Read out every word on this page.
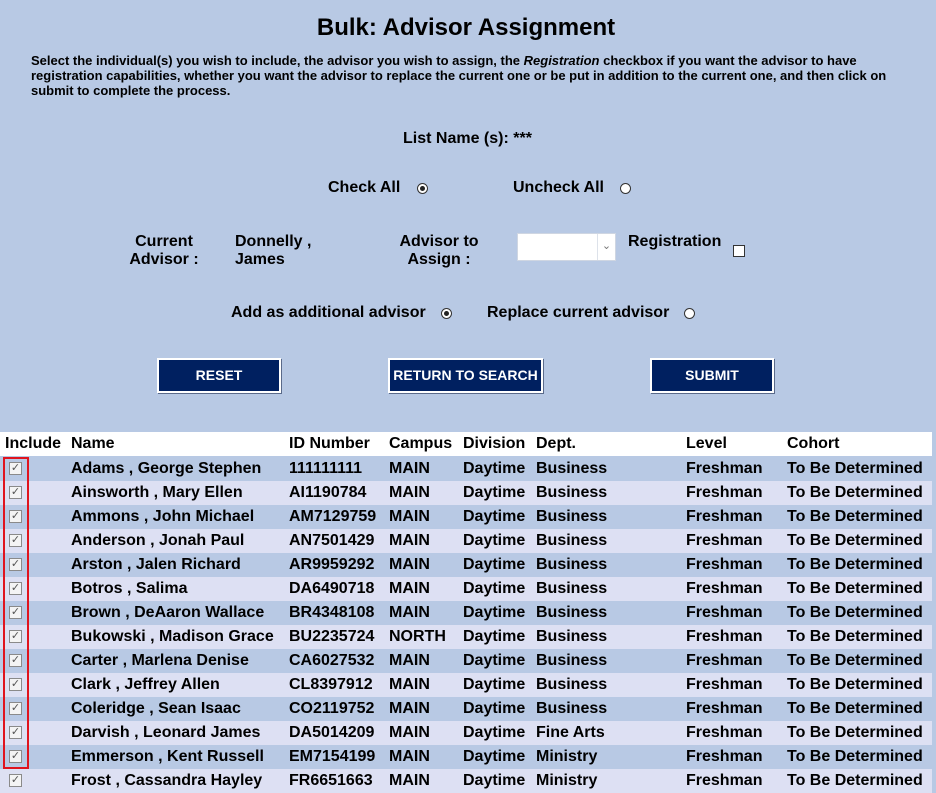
Bulk: Advisor Assignment
Select the individual(s) you wish to include, the advisor you wish to assign, the Registration checkbox if you want the advisor to have registration capabilities, whether you want the advisor to replace the current one or be put in addition to the current one, and then click on submit to complete the process.
List Name (s): ***
Check All	Uncheck All
Current
Advisor :
Donnelly ,
James
Advisor to
Assign :
⌄ Registration
Add as additional advisor	Replace current advisor
RESET	RETURN TO SEARCH	SUBMIT
Include Name	ID Number Campus Division Dept.	Level	Cohort
✓	Adams , George Stephen 111111111 MAIN Daytime Business	Freshman To Be Determined
✓	Ainsworth , Mary Ellen	AI1190784 MAIN Daytime Business	Freshman To Be Determined
✓	Ammons , John Michael AM7129759 MAIN Daytime Business	Freshman To Be Determined
✓	Anderson , Jonah Paul	AN7501429 MAIN Daytime Business	Freshman To Be Determined
✓	Arston , Jalen Richard	AR9959292 MAIN Daytime Business	Freshman To Be Determined
✓	Botros , Salima	DA6490718 MAIN Daytime Business	Freshman To Be Determined
✓	Brown , DeAaron Wallace BR4348108 MAIN Daytime Business	Freshman To Be Determined
✓	Bukowski , Madison Grace BU2235724 NORTH Daytime Business	Freshman To Be Determined
✓	Carter , Marlena Denise	CA6027532 MAIN Daytime Business	Freshman To Be Determined
✓	Clark , Jeffrey Allen	CL8397912 MAIN Daytime Business	Freshman To Be Determined
✓	Coleridge , Sean Isaac	CO2119752 MAIN Daytime Business	Freshman To Be Determined
✓	Darvish , Leonard James DA5014209 MAIN Daytime Fine Arts	Freshman To Be Determined
✓	Emmerson , Kent Russell EM7154199 MAIN Daytime Ministry	Freshman To Be Determined
✓	Frost , Cassandra Hayley FR6651663 MAIN Daytime Ministry	Freshman To Be Determined
